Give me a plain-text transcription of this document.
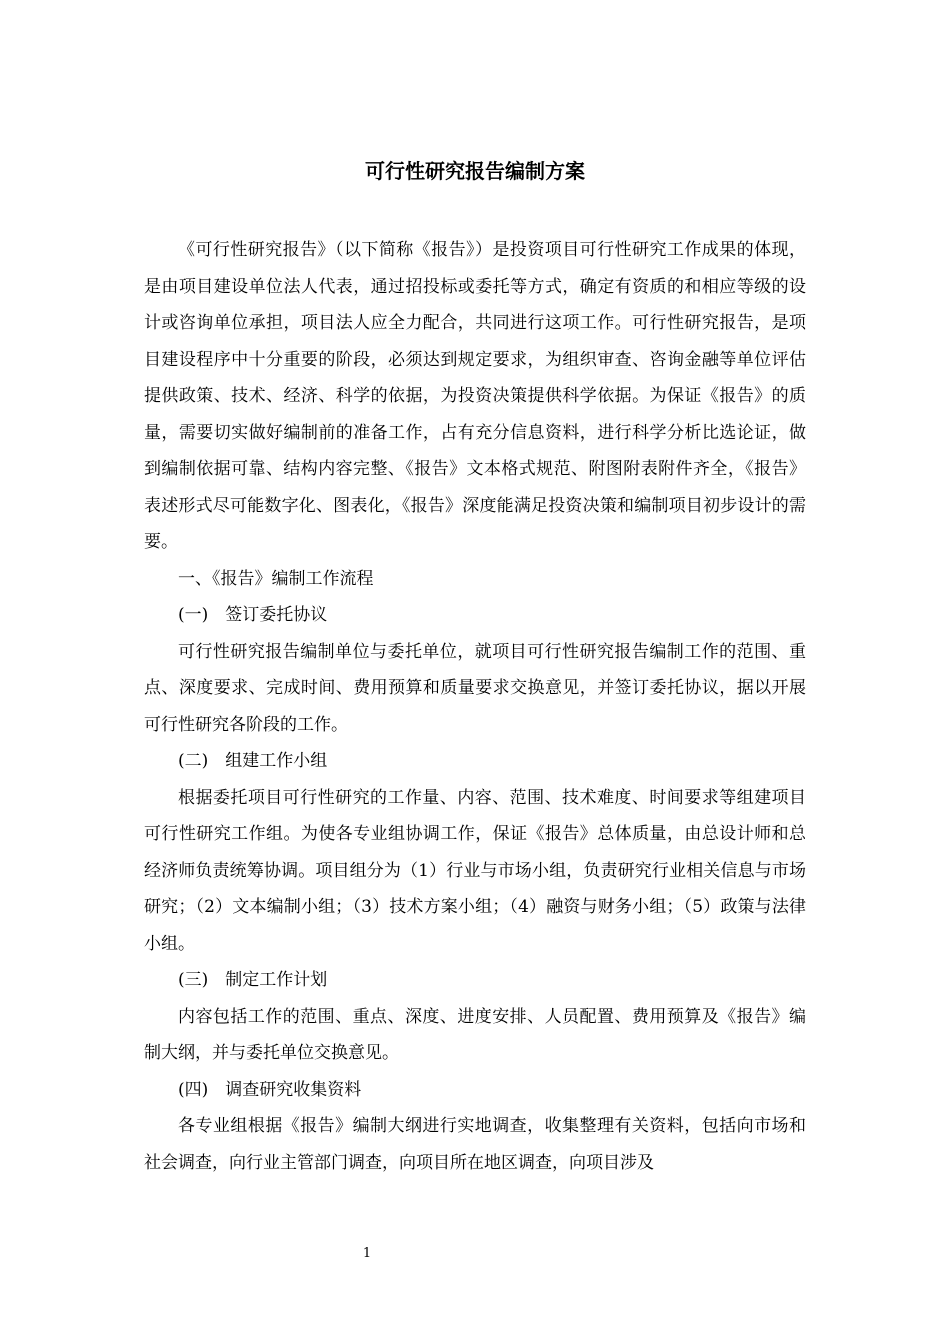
可行性研究报告编制方案

《可行性研究报告》（以下简称《报告》）是投资项目可行性研究工作成果的体现，是由项目建设单位法人代表，通过招投标或委托等方式，确定有资质的和相应等级的设计或咨询单位承担，项目法人应全力配合，共同进行这项工作。可行性研究报告，是项目建设程序中十分重要的阶段，必须达到规定要求，为组织审查、咨询金融等单位评估提供政策、技术、经济、科学的依据，为投资决策提供科学依据。为保证《报告》的质量，需要切实做好编制前的准备工作，占有充分信息资料，进行科学分析比选论证，做到编制依据可靠、结构内容完整、《报告》文本格式规范、附图附表附件齐全，《报告》表述形式尽可能数字化、图表化，《报告》深度能满足投资决策和编制项目初步设计的需要。

一、《报告》编制工作流程

(一)　签订委托协议

可行性研究报告编制单位与委托单位，就项目可行性研究报告编制工作的范围、重点、深度要求、完成时间、费用预算和质量要求交换意见，并签订委托协议，据以开展可行性研究各阶段的工作。

(二)　组建工作小组

根据委托项目可行性研究的工作量、内容、范围、技术难度、时间要求等组建项目可行性研究工作组。为使各专业组协调工作，保证《报告》总体质量，由总设计师和总经济师负责统筹协调。项目组分为（1）行业与市场小组，负责研究行业相关信息与市场研究；（2）文本编制小组；（3）技术方案小组；（4）融资与财务小组；（5）政策与法律小组。

(三)　制定工作计划

内容包括工作的范围、重点、深度、进度安排、人员配置、费用预算及《报告》编制大纲，并与委托单位交换意见。

(四)　调查研究收集资料

各专业组根据《报告》编制大纲进行实地调查，收集整理有关资料，包括向市场和社会调查，向行业主管部门调查，向项目所在地区调查，向项目涉及

1
